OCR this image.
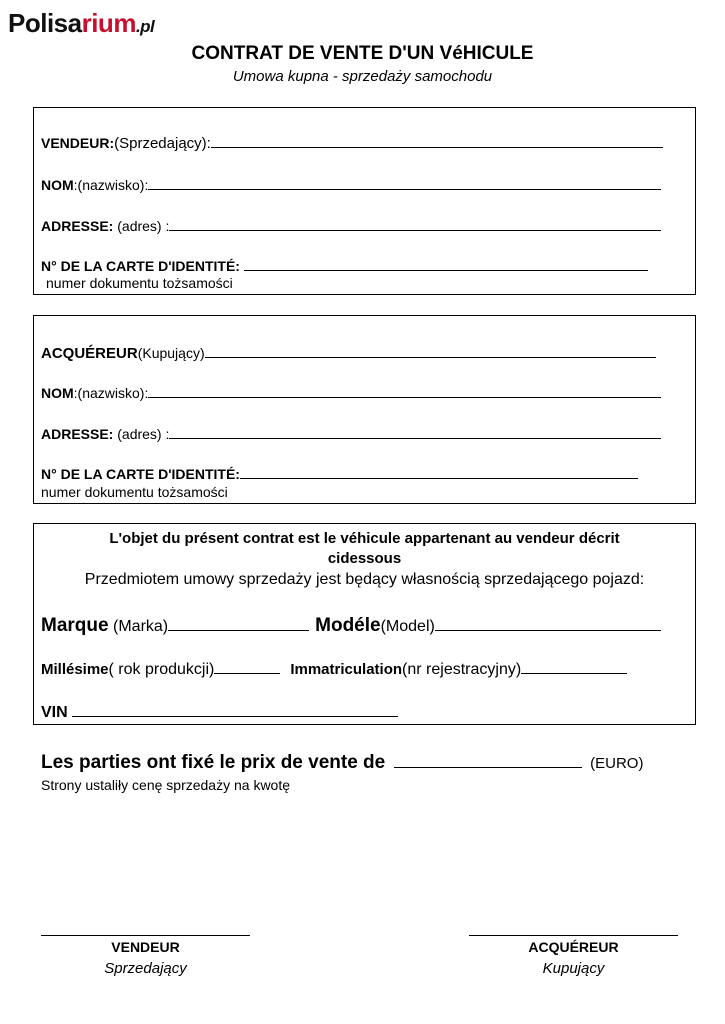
Polisarium.pl
CONTRAT DE VENTE D'UN VéHICULE
Umowa kupna - sprzedaży samochodu
VENDEUR:(Sprzedający):
NOM:(nazwisko):
ADRESSE: (adres) :
N° DE LA CARTE D'IDENTITÉ:
numer dokumentu tożsamości
ACQUÉREUR(Kupujący)
NOM:(nazwisko):
ADRESSE: (adres) :
N° DE LA CARTE D'IDENTITÉ:
numer dokumentu tożsamości
L'objet du présent contrat est le véhicule appartenant au vendeur décrit cidessous
Przedmiotem umowy sprzedaży jest będący własnością sprzedającego pojazd:
Marque (Marka)	Modéle(Model)
Millésime( rok produkcji)	Immatriculation(nr rejestracyjny)
VIN
Les parties ont fixé le prix de vente de	(EURO)
Strony ustaliły cenę sprzedaży na kwotę
VENDEUR
Sprzedający
ACQUÉREUR
Kupujący
